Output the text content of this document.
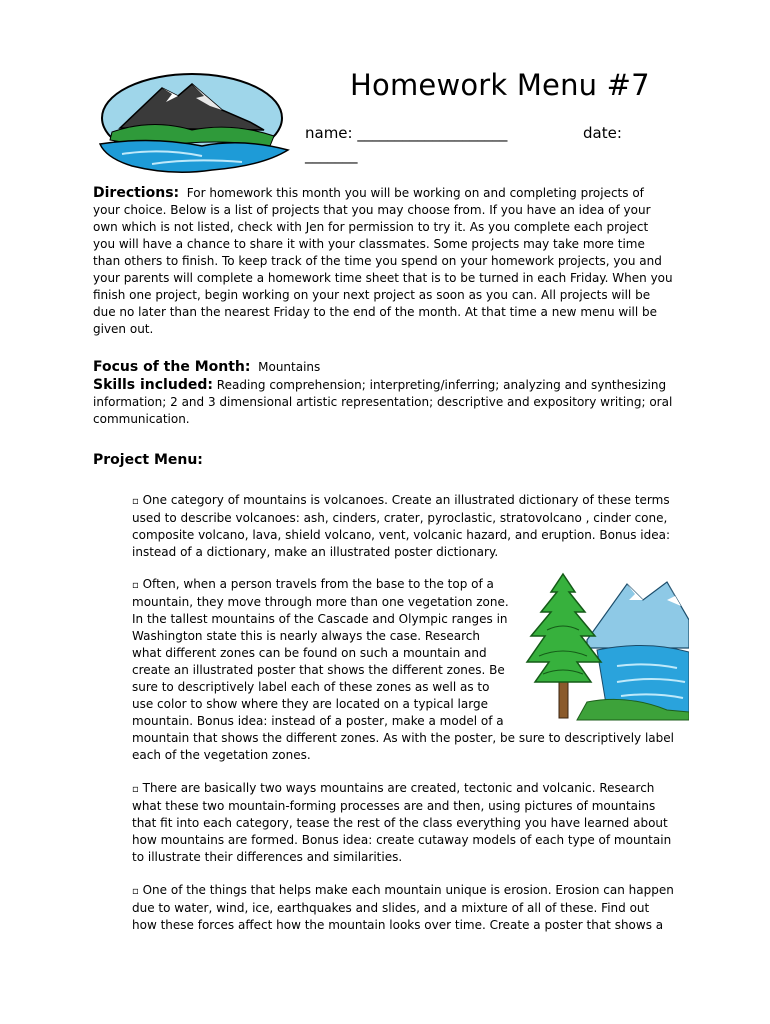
Homework Menu #7
name: ____________________	date:
_______
Directions: For homework this month you will be working on and completing projects of your choice. Below is a list of projects that you may choose from. If you have an idea of your own which is not listed, check with Jen for permission to try it. As you complete each project you will have a chance to share it with your classmates. Some projects may take more time than others to finish. To keep track of the time you spend on your homework projects, you and your parents will complete a homework time sheet that is to be turned in each Friday. When you finish one project, begin working on your next project as soon as you can. All projects will be due no later than the nearest Friday to the end of the month. At that time a new menu will be given out.
Focus of the Month: Mountains
Skills included: Reading comprehension; interpreting/inferring; analyzing and synthesizing information; 2 and 3 dimensional artistic representation; descriptive and expository writing; oral communication.
Project Menu:
▫ One category of mountains is volcanoes. Create an illustrated dictionary of these terms used to describe volcanoes: ash, cinders, crater, pyroclastic, stratovolcano , cinder cone, composite volcano, lava, shield volcano, vent, volcanic hazard, and eruption. Bonus idea: instead of a dictionary, make an illustrated poster dictionary.
▫ Often, when a person travels from the base to the top of a mountain, they move through more than one vegetation zone. In the tallest mountains of the Cascade and Olympic ranges in Washington state this is nearly always the case. Research what different zones can be found on such a mountain and create an illustrated poster that shows the different zones. Be sure to descriptively label each of these zones as well as to use color to show where they are located on a typical large mountain. Bonus idea: instead of a poster, make a model of a mountain that shows the different zones. As with the poster, be sure to descriptively label each of the vegetation zones.
▫ There are basically two ways mountains are created, tectonic and volcanic. Research what these two mountain-forming processes are and then, using pictures of mountains that fit into each category, tease the rest of the class everything you have learned about how mountains are formed. Bonus idea: create cutaway models of each type of mountain to illustrate their differences and similarities.
▫ One of the things that helps make each mountain unique is erosion. Erosion can happen due to water, wind, ice, earthquakes and slides, and a mixture of all of these. Find out how these forces affect how the mountain looks over time. Create a poster that shows a
